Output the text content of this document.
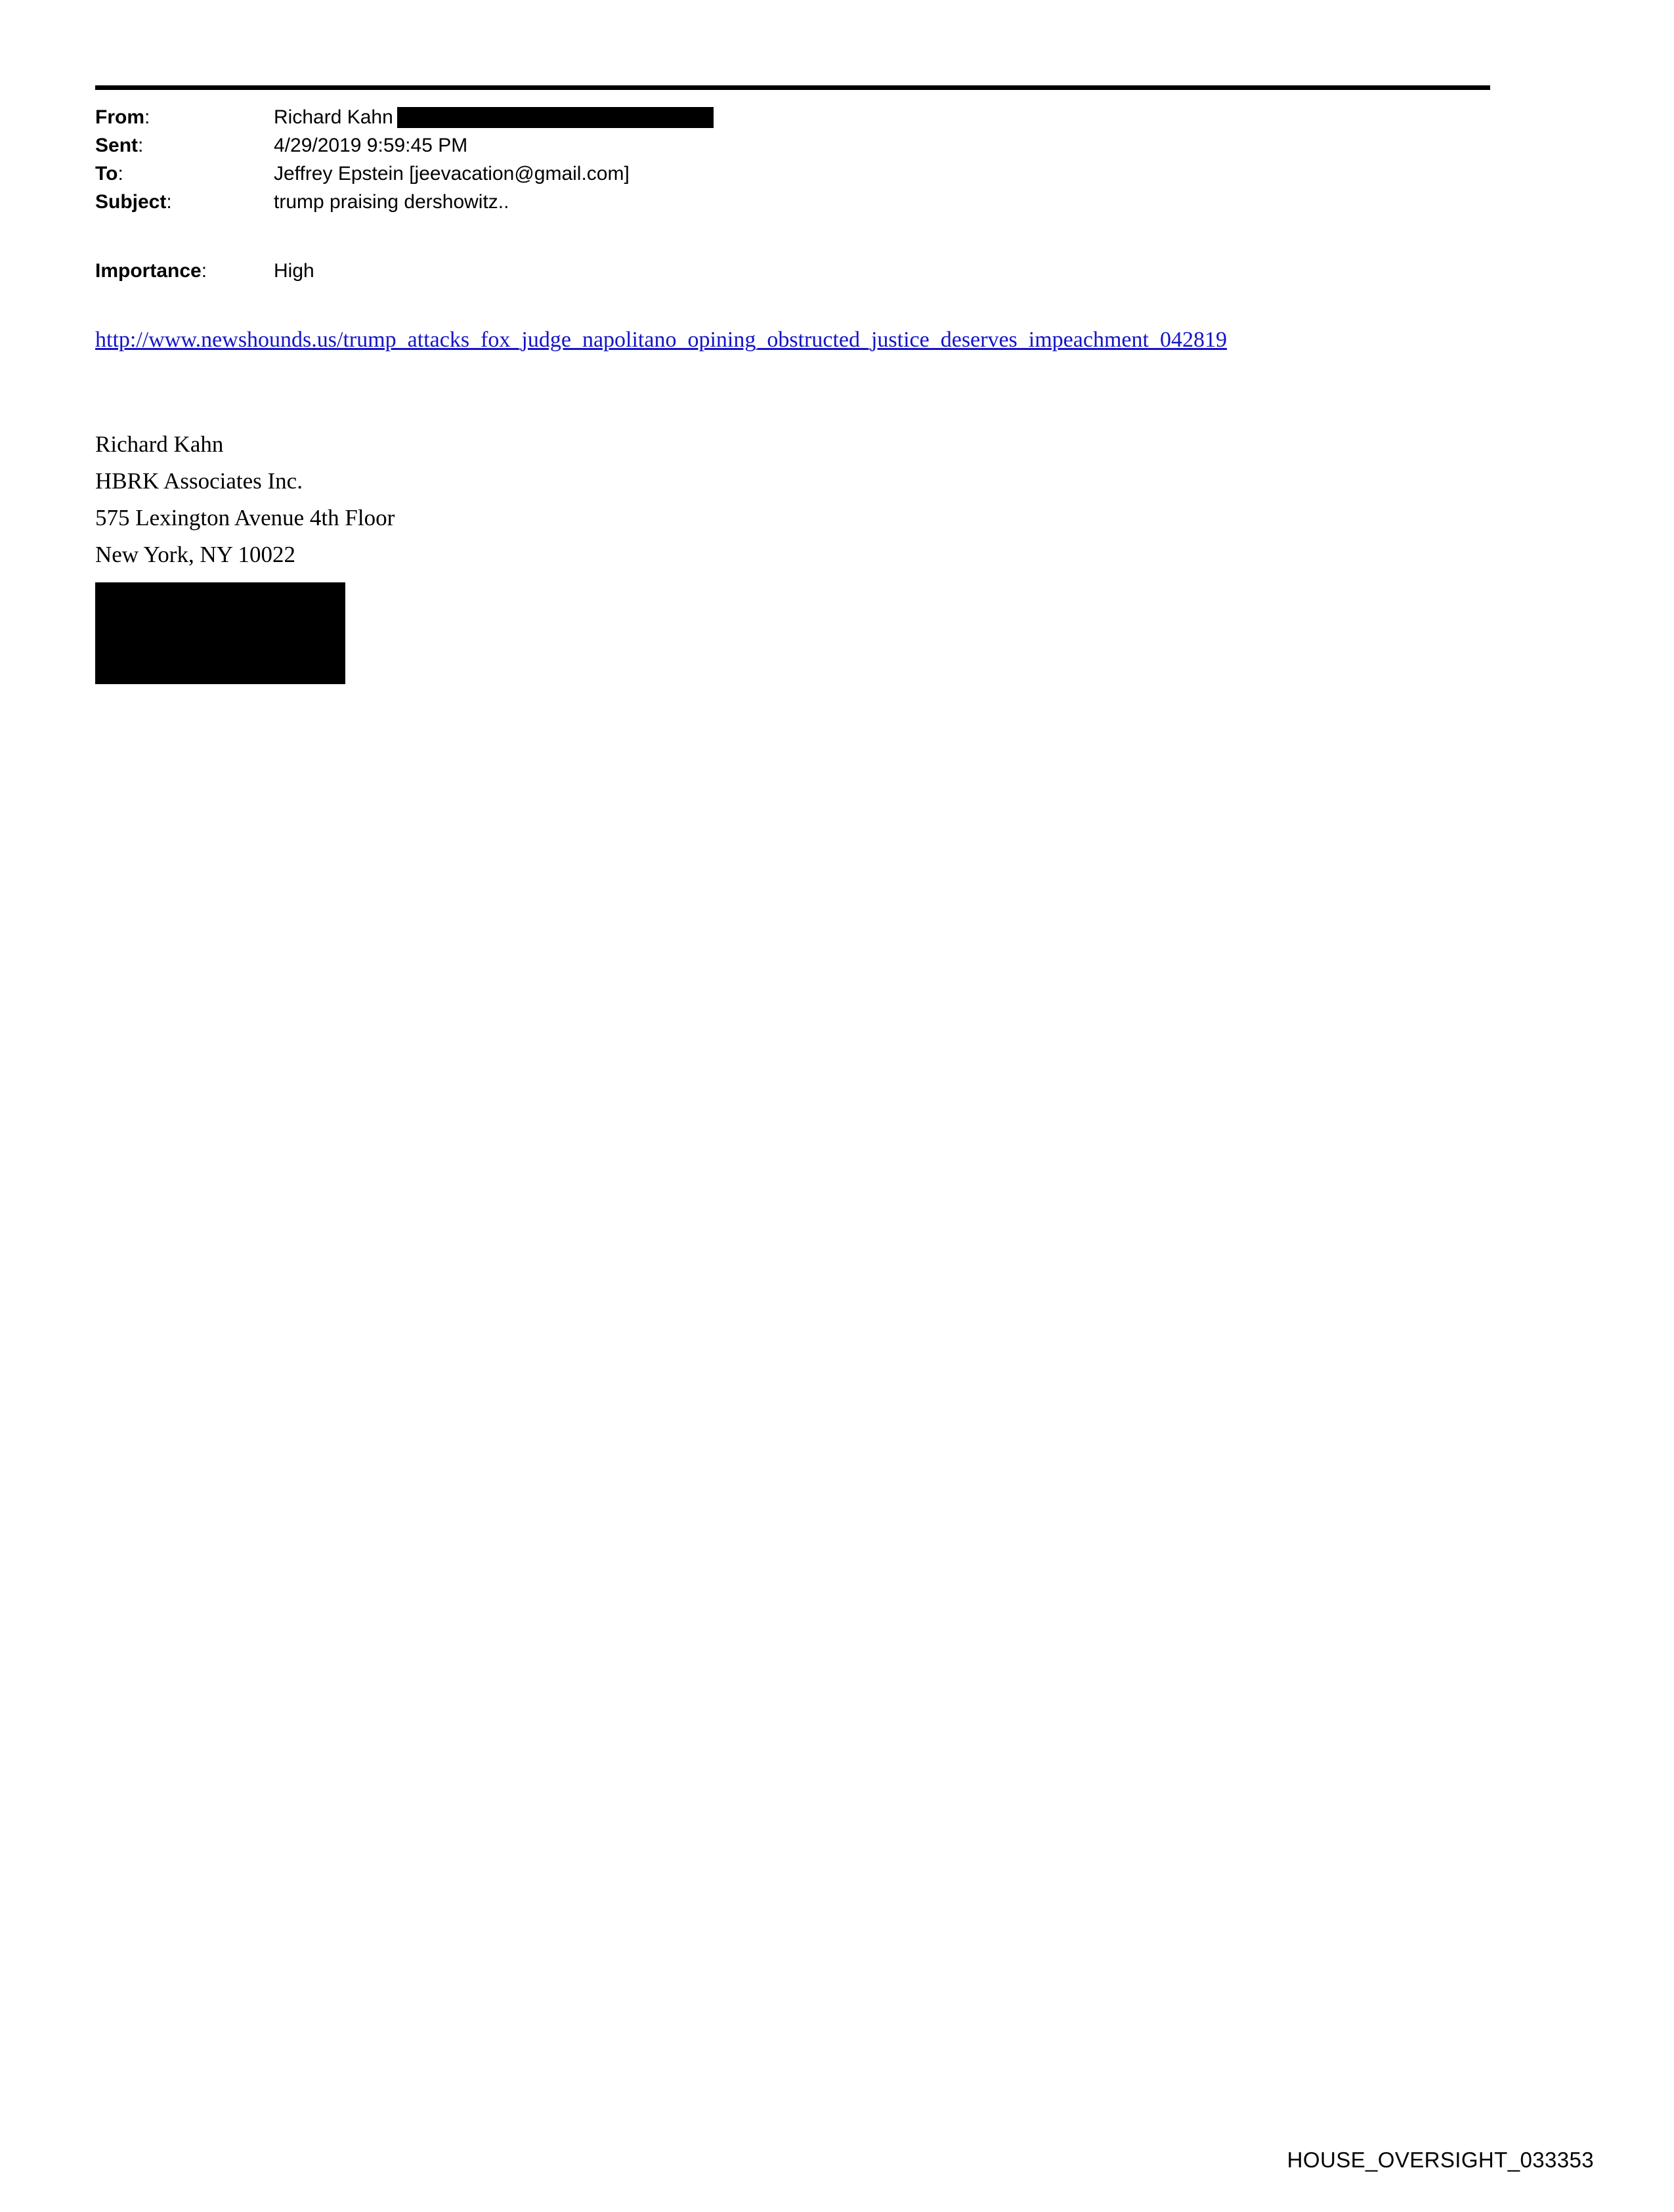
From:	Richard Kahn
Sent:	4/29/2019 9:59:45 PM
To:	Jeffrey Epstein [jeevacation@gmail.com]
Subject:	trump praising dershowitz..
Importance:	High
http://www.newshounds.us/trump_attacks_fox_judge_napolitano_opining_obstructed_justice_deserves_impeachment_042819
Richard Kahn
HBRK Associates Inc.
575 Lexington Avenue 4th Floor
New York, NY 10022
HOUSE_OVERSIGHT_033353
